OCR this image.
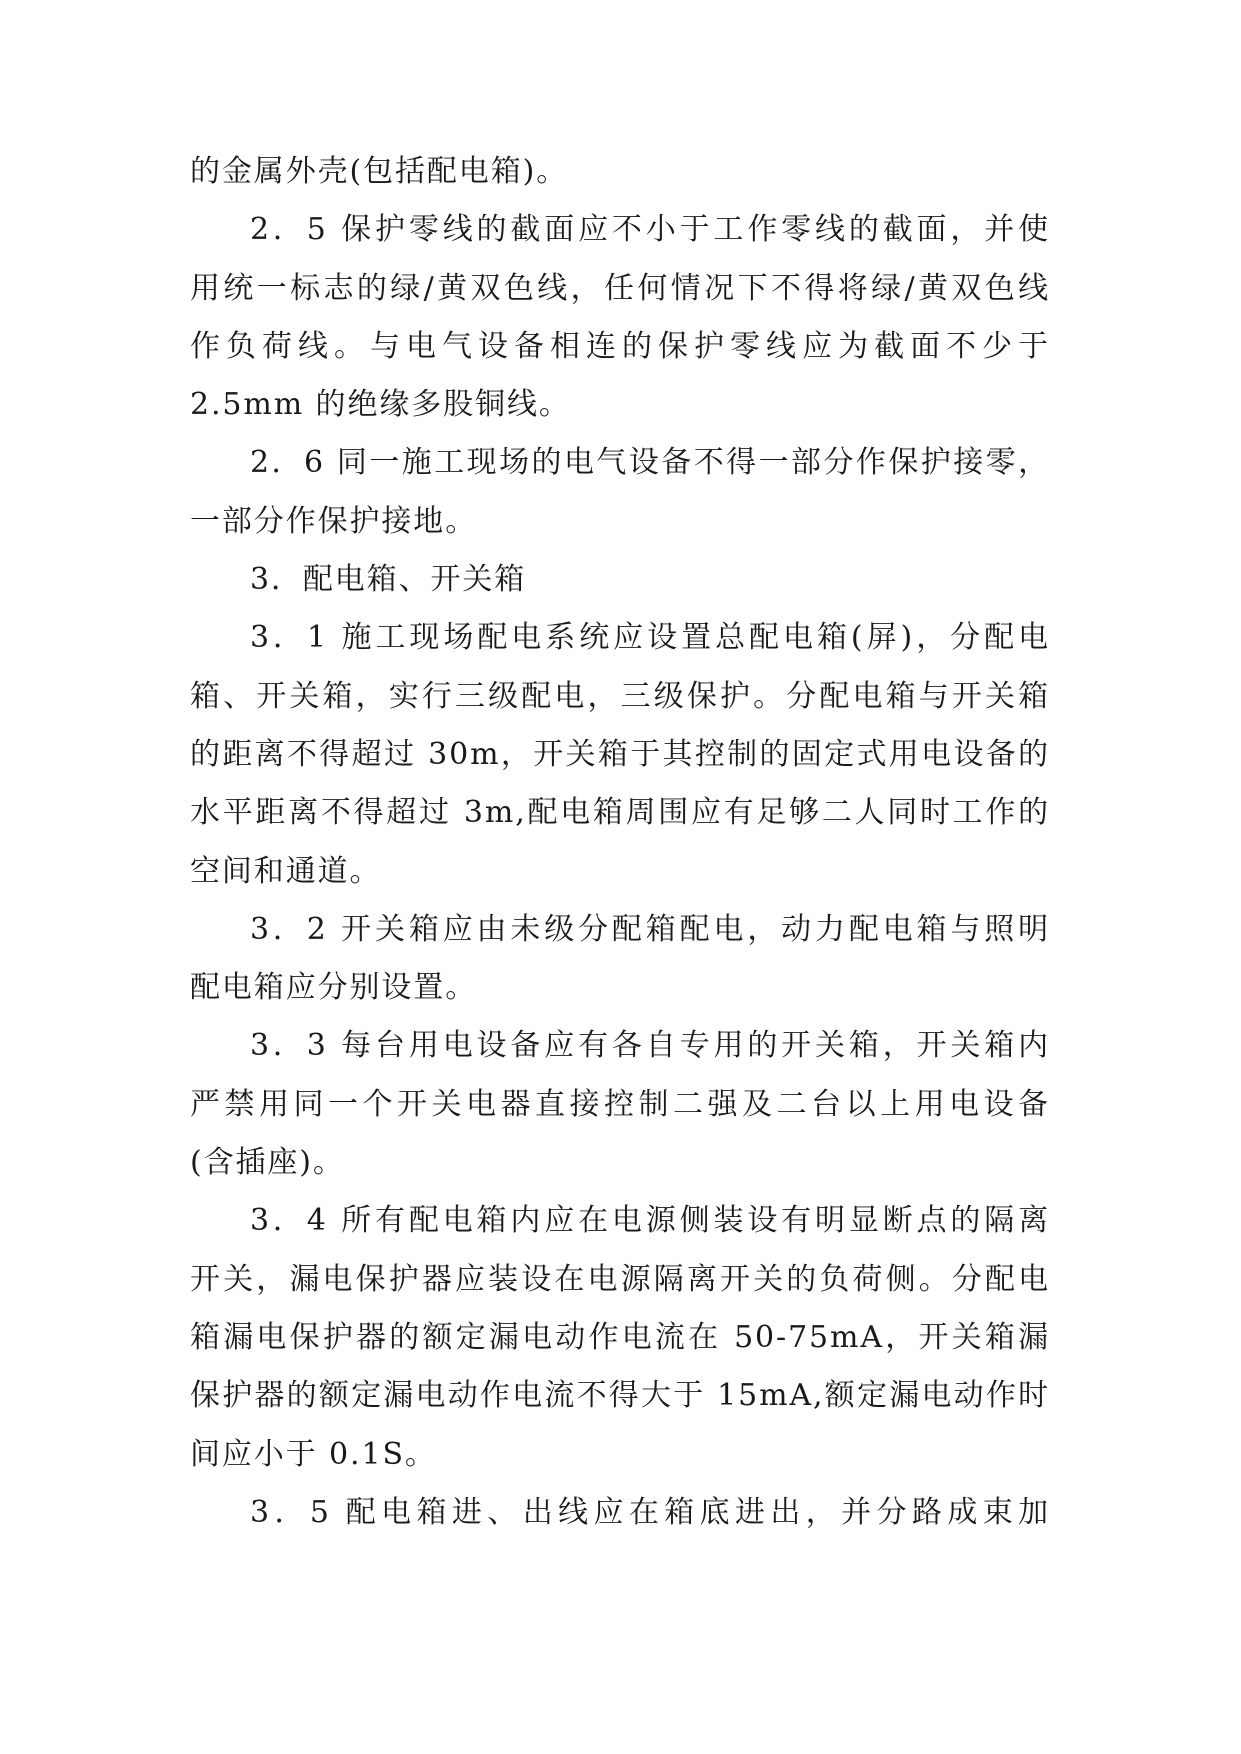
的金属外壳(包括配电箱)。
2．5 保护零线的截面应不小于工作零线的截面，并使
用统一标志的绿/黄双色线，任何情况下不得将绿/黄双色线
作负荷线。与电气设备相连的保护零线应为截面不少于
2.5mm 的绝缘多股铜线。
2．6 同一施工现场的电气设备不得一部分作保护接零，
一部分作保护接地。
3．配电箱、开关箱
3．1 施工现场配电系统应设置总配电箱(屏)，分配电
箱、开关箱，实行三级配电，三级保护。分配电箱与开关箱
的距离不得超过 30m，开关箱于其控制的固定式用电设备的
水平距离不得超过 3m,配电箱周围应有足够二人同时工作的
空间和通道。
3．2 开关箱应由未级分配箱配电，动力配电箱与照明
配电箱应分别设置。
3．3 每台用电设备应有各自专用的开关箱，开关箱内
严禁用同一个开关电器直接控制二强及二台以上用电设备
(含插座)。
3．4 所有配电箱内应在电源侧装设有明显断点的隔离
开关，漏电保护器应装设在电源隔离开关的负荷侧。分配电
箱漏电保护器的额定漏电动作电流在 50-75mA，开关箱漏
保护器的额定漏电动作电流不得大于 15mA,额定漏电动作时
间应小于 0.1S。
3．5 配电箱进、出线应在箱底进出，并分路成束加
